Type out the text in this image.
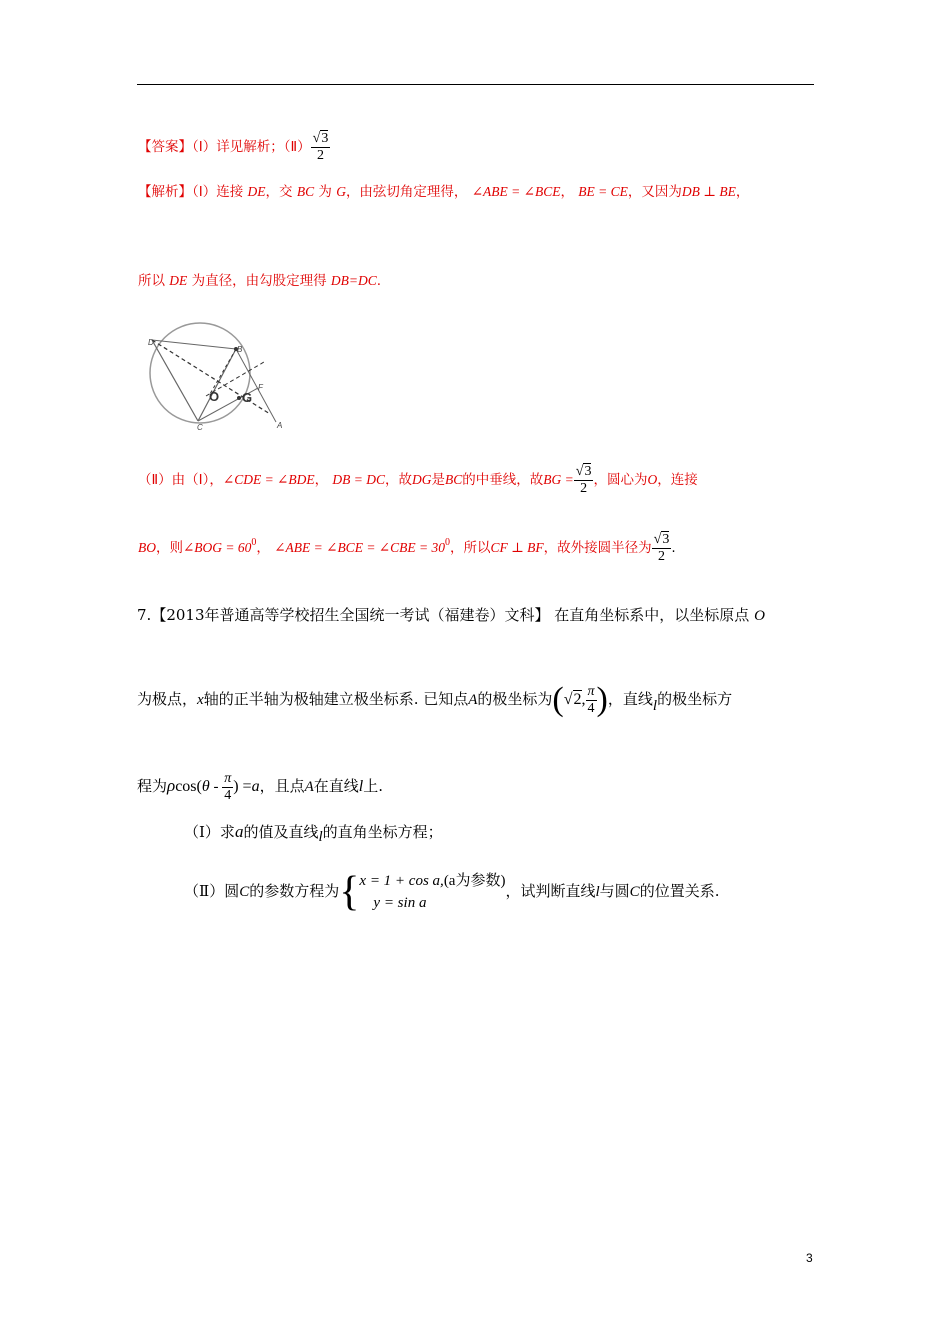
【答案】（Ⅰ）详见解析；（Ⅱ） $\frac{√3}{2}$
【解析】（Ⅰ）连接 DE，交 BC 为 G，由弦切角定理得， ∠ABE = ∠BCE， BE = CE，又因为DB ⊥ BE，
所以 DE 为直径，由勾股定理得 DB=DC.
D
B
O G
F
C	A
（Ⅱ）由（Ⅰ），∠CDE = ∠BDE， DB = DC，故DG是BC的中垂线，故BG = $\frac{√3}{2}$ ，圆心为O，连接
BO，则∠BOG = $60^0$， ∠ABE = ∠BCE = ∠CBE = $30^0$，所以CF ⊥ BF，故外接圆半径为 $\frac{√3}{2}$ .
7.【2013年普通高等学校招生全国统一考试（福建卷）文科】 在直角坐标系中，以坐标原点 O
为极点，x轴的正半轴为极轴建立极坐标系. 已知点A的极坐标为(√2, $\frac{\pi}{4}$ )，直线l的极坐标方
程为$\rho\cos(\theta - \frac{\pi}{4}$ ) =a，且点A在直线l上.
（Ⅰ）求a的值及直线l的直角坐标方程；
（Ⅱ）圆C的参数方程为{ x = 1 + cos a,(a为参数)
y = sin a
，试判断直线l与圆C的位置关系.
3
